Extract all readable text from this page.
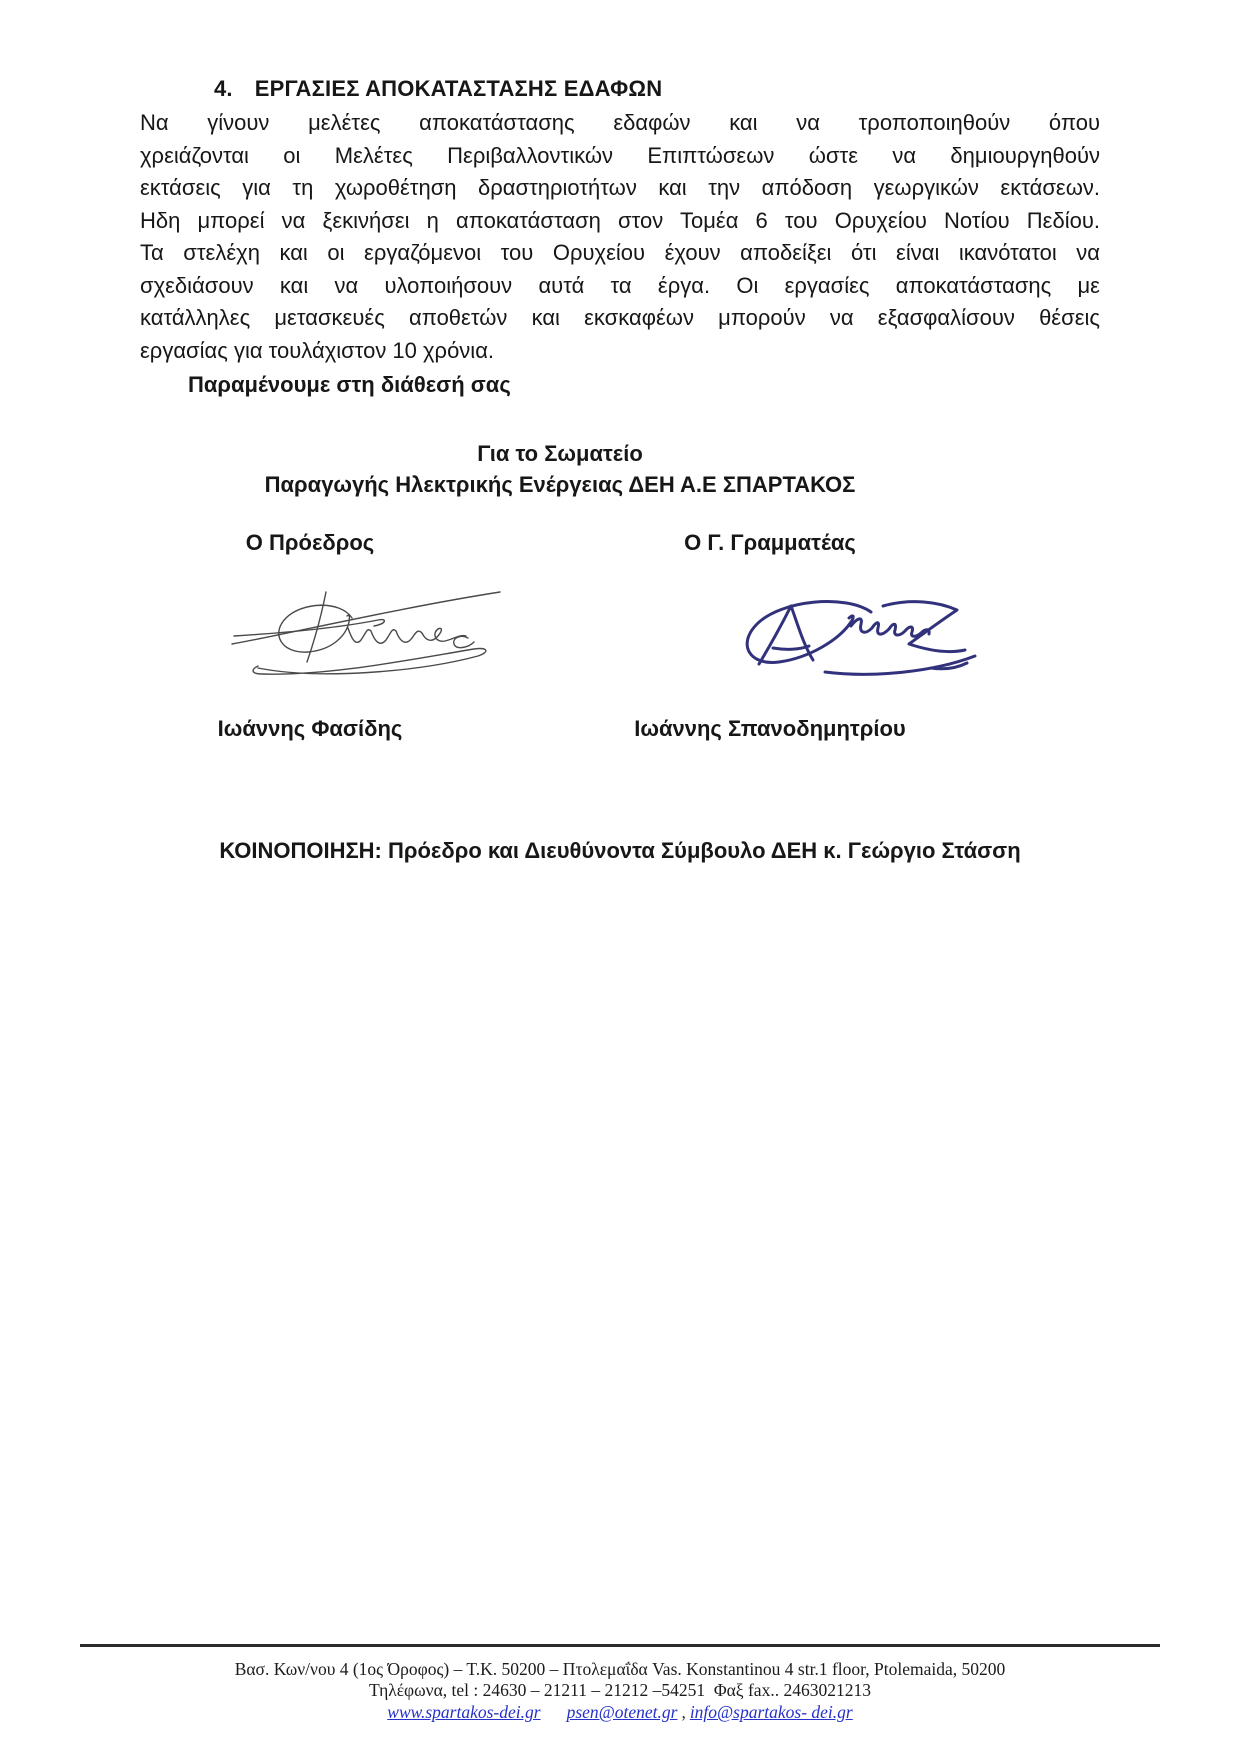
4. ΕΡΓΑΣΙΕΣ ΑΠΟΚΑΤΑΣΤΑΣΗΣ ΕΔΑΦΩΝ
Να γίνουν μελέτες αποκατάστασης εδαφών και να τροποποιηθούν όπου
χρειάζονται οι Μελέτες Περιβαλλοντικών Επιπτώσεων ώστε να δημιουργηθούν
εκτάσεις για τη χωροθέτηση δραστηριοτήτων και την απόδοση γεωργικών εκτάσεων.
Ηδη μπορεί να ξεκινήσει η αποκατάσταση στον Τομέα 6 του Ορυχείου Νοτίου Πεδίου.
Τα στελέχη και οι εργαζόμενοι του Ορυχείου έχουν αποδείξει ότι είναι ικανότατοι να
σχεδιάσουν και να υλοποιήσουν αυτά τα έργα. Οι εργασίες αποκατάστασης με
κατάλληλες μετασκευές αποθετών και εκσκαφέων μπορούν να εξασφαλίσουν θέσεις
εργασίας για τουλάχιστον 10 χρόνια.
Παραμένουμε στη διάθεσή σας
Για το Σωματείο
Παραγωγής Ηλεκτρικής Ενέργειας ΔΕΗ Α.Ε ΣΠΑΡΤΑΚΟΣ
Ο Πρόεδρος	Ο Γ. Γραμματέας
Ιωάννης Φασίδης	Ιωάννης Σπανοδημητρίου
ΚΟΙΝΟΠΟΙΗΣΗ: Πρόεδρο και Διευθύνοντα Σύμβουλο ΔΕΗ κ. Γεώργιο Στάσση
Βασ. Κων/νου 4 (1ος Όροφος) – Τ.Κ. 50200 – Πτολεμαΐδα Vas. Konstantinou 4 str.1 floor, Ptolemaida, 50200
Τηλέφωνα, tel : 24630 – 21211 – 21212 –54251  Φαξ fax.. 2463021213
www.spartakos-dei.gr psen@otenet.gr , info@spartakos- dei.gr
